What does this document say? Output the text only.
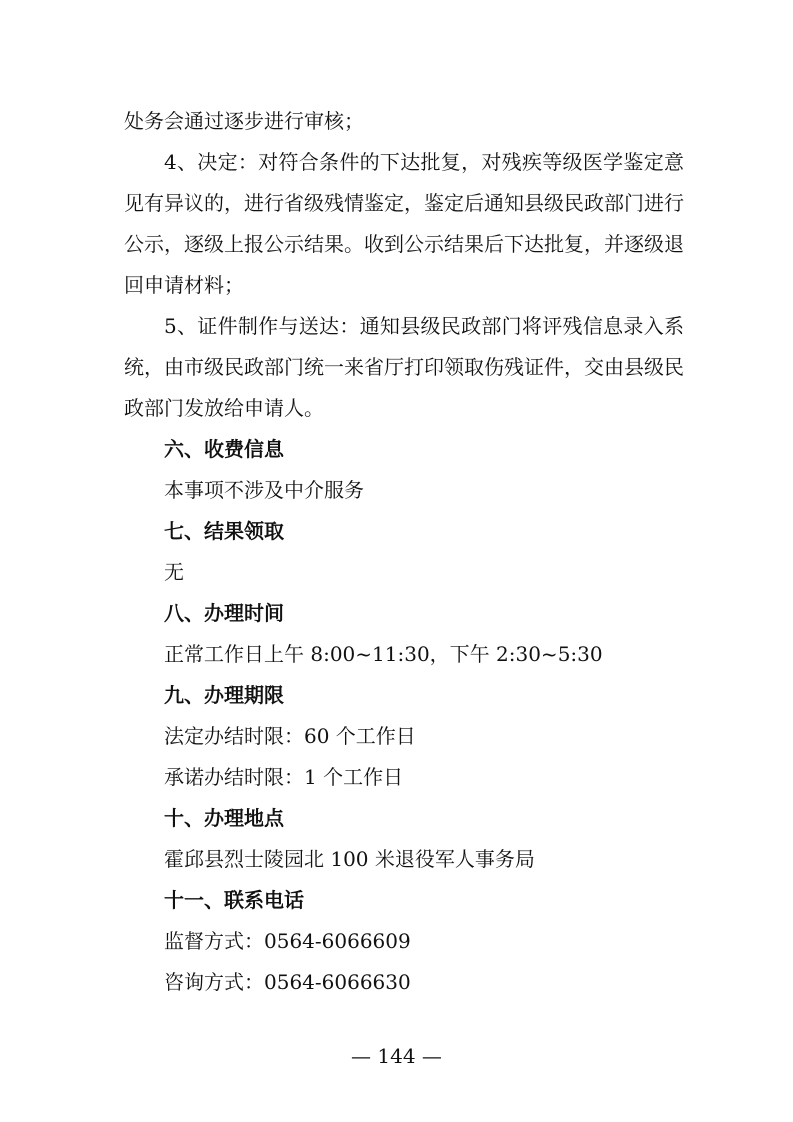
处务会通过逐步进行审核；

4、决定：对符合条件的下达批复，对残疾等级医学鉴定意见有异议的，进行省级残情鉴定，鉴定后通知县级民政部门进行公示，逐级上报公示结果。收到公示结果后下达批复，并逐级退回申请材料；

5、证件制作与送达：通知县级民政部门将评残信息录入系统，由市级民政部门统一来省厅打印领取伤残证件，交由县级民政部门发放给申请人。

六、收费信息

本事项不涉及中介服务

七、结果领取

无

八、办理时间

正常工作日上午 8:00~11:30，下午 2:30~5:30

九、办理期限

法定办结时限：60 个工作日

承诺办结时限：1 个工作日

十、办理地点

霍邱县烈士陵园北 100 米退役军人事务局

十一、联系电话

监督方式：0564-6066609

咨询方式：0564-6066630

— 144 —
